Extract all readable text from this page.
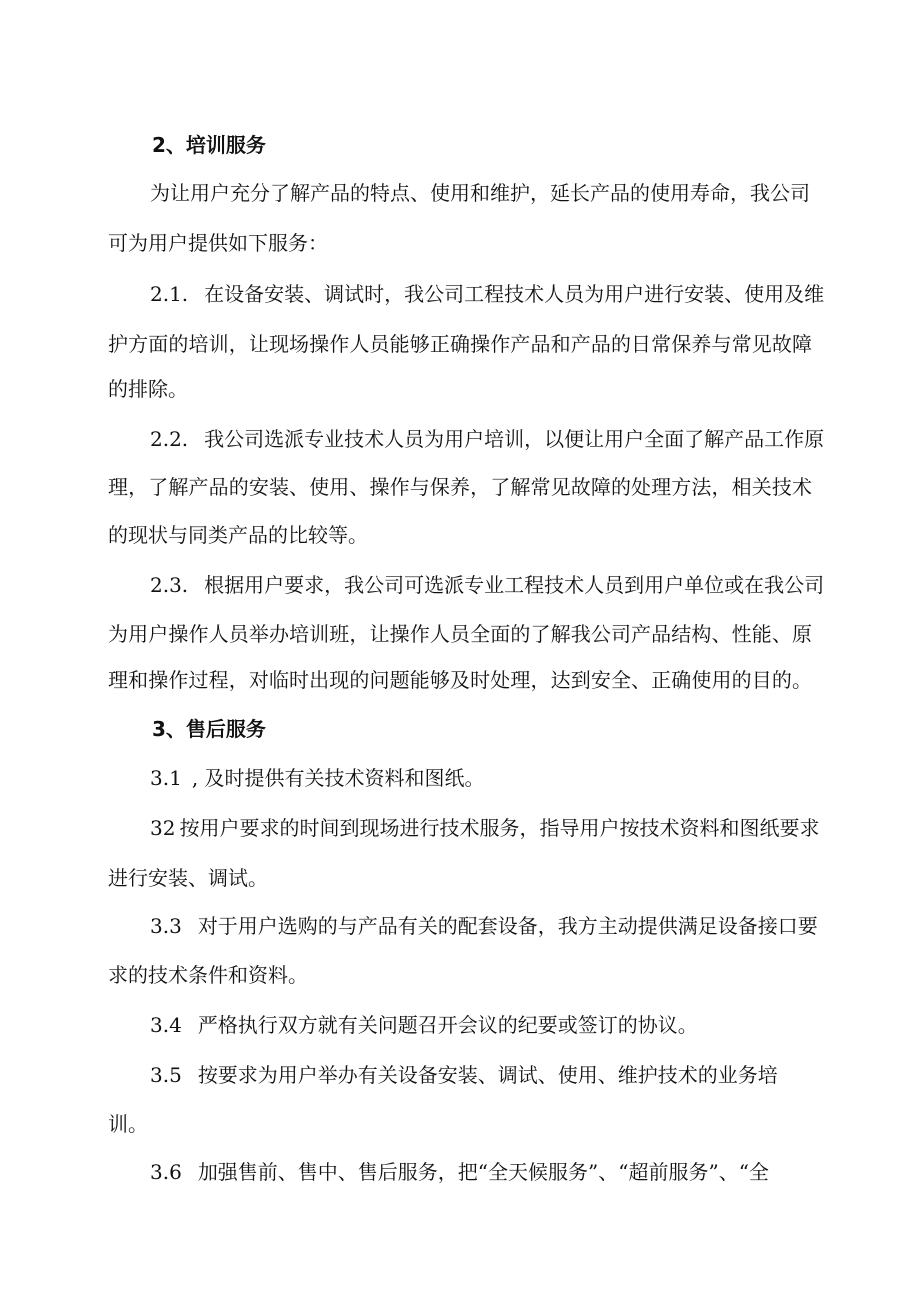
2、培训服务
为让用户充分了解产品的特点、使用和维护，延长产品的使用寿命，我公司
可为用户提供如下服务：
2.1. 在设备安装、调试时，我公司工程技术人员为用户进行安装、使用及维
护方面的培训，让现场操作人员能够正确操作产品和产品的日常保养与常见故障
的排除。
2.2. 我公司选派专业技术人员为用户培训，以便让用户全面了解产品工作原
理，了解产品的安装、使用、操作与保养，了解常见故障的处理方法，相关技术
的现状与同类产品的比较等。
2.3. 根据用户要求，我公司可选派专业工程技术人员到用户单位或在我公司
为用户操作人员举办培训班，让操作人员全面的了解我公司产品结构、性能、原
理和操作过程，对临时出现的问题能够及时处理，达到安全、正确使用的目的。
3、售后服务
3.1 , 及时提供有关技术资料和图纸。
32 按用户要求的时间到现场进行技术服务，指导用户按技术资料和图纸要求
进行安装、调试。
3.3 对于用户选购的与产品有关的配套设备，我方主动提供满足设备接口要
求的技术条件和资料。
3.4 严格执行双方就有关问题召开会议的纪要或签订的协议。
3.5 按要求为用户举办有关设备安装、调试、使用、维护技术的业务培
训。
3.6 加强售前、售中、售后服务，把“全天候服务”、“超前服务”、“全
